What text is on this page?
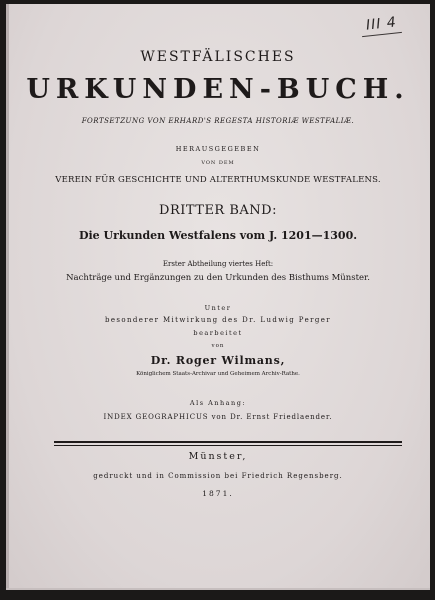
III 4
WESTFÄLISCHES
URKUNDEN-BUCH.
FORTSETZUNG VON ERHARD'S REGESTA HISTORIÆ WESTFALIÆ.
HERAUSGEGEBEN
VON DEM
VEREIN FÜR GESCHICHTE UND ALTERTHUMSKUNDE WESTFALENS.
DRITTER BAND:
Die Urkunden Westfalens vom J. 1201—1300.
Erster Abtheilung viertes Heft:
Nachträge und Ergänzungen zu den Urkunden des Bisthums Münster.
Unter
besonderer Mitwirkung des Dr. Ludwig Perger
bearbeitet
von
Dr. Roger Wilmans,
Königlichem Staats-Archivar und Geheimem Archiv-Rathe.
Als Anhang:
INDEX GEOGRAPHICUS von Dr. Ernst Friedlaender.
Münster,
gedruckt und in Commission bei Friedrich Regensberg.
1871.
